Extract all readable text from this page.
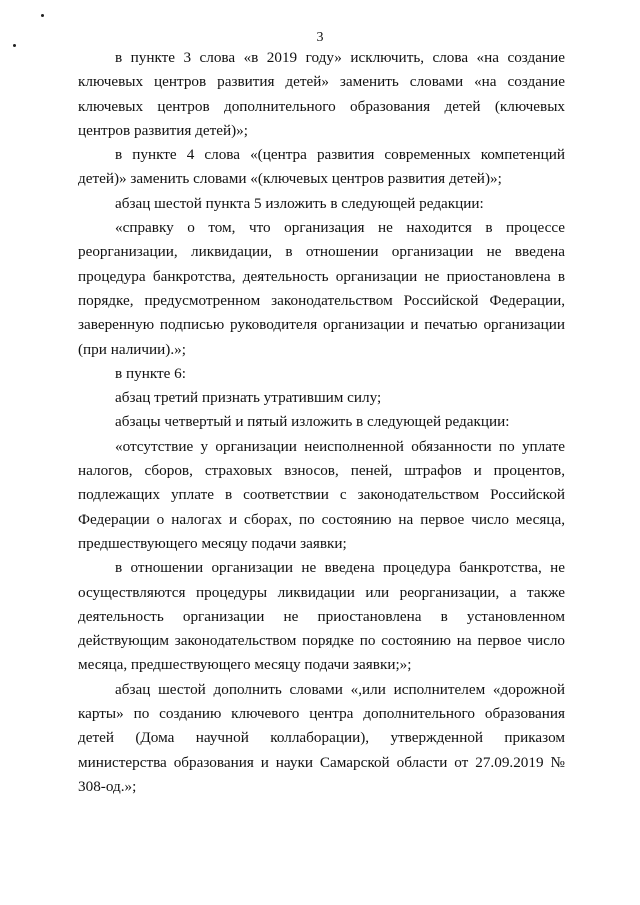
3

в пункте 3 слова «в 2019 году» исключить, слова «на создание ключевых центров развития детей» заменить словами «на создание ключевых центров дополнительного образования детей (ключевых центров развития детей)»;

в пункте 4 слова «(центра развития современных компетенций детей)» заменить словами «(ключевых центров развития детей)»;

абзац шестой пункта 5 изложить в следующей редакции:

«справку о том, что организация не находится в процессе реорганизации, ликвидации, в отношении организации не введена процедура банкротства, деятельность организации не приостановлена в порядке, предусмотренном законодательством Российской Федерации, заверенную подписью руководителя организации и печатью организации (при наличии).»;

в пункте 6:

абзац третий признать утратившим силу;

абзацы четвертый и пятый изложить в следующей редакции:

«отсутствие у организации неисполненной обязанности по уплате налогов, сборов, страховых взносов, пеней, штрафов и процентов, подлежащих уплате в соответствии с законодательством Российской Федерации о налогах и сборах, по состоянию на первое число месяца, предшествующего месяцу подачи заявки;

в отношении организации не введена процедура банкротства, не осуществляются процедуры ликвидации или реорганизации, а также деятельность организации не приостановлена в установленном действующим законодательством порядке по состоянию на первое число месяца, предшествующего месяцу подачи заявки;»;

абзац шестой дополнить словами «,или исполнителем «дорожной карты» по созданию ключевого центра дополнительного образования детей (Дома научной коллаборации), утвержденной приказом министерства образования и науки Самарской области от 27.09.2019 № 308-од.»;
